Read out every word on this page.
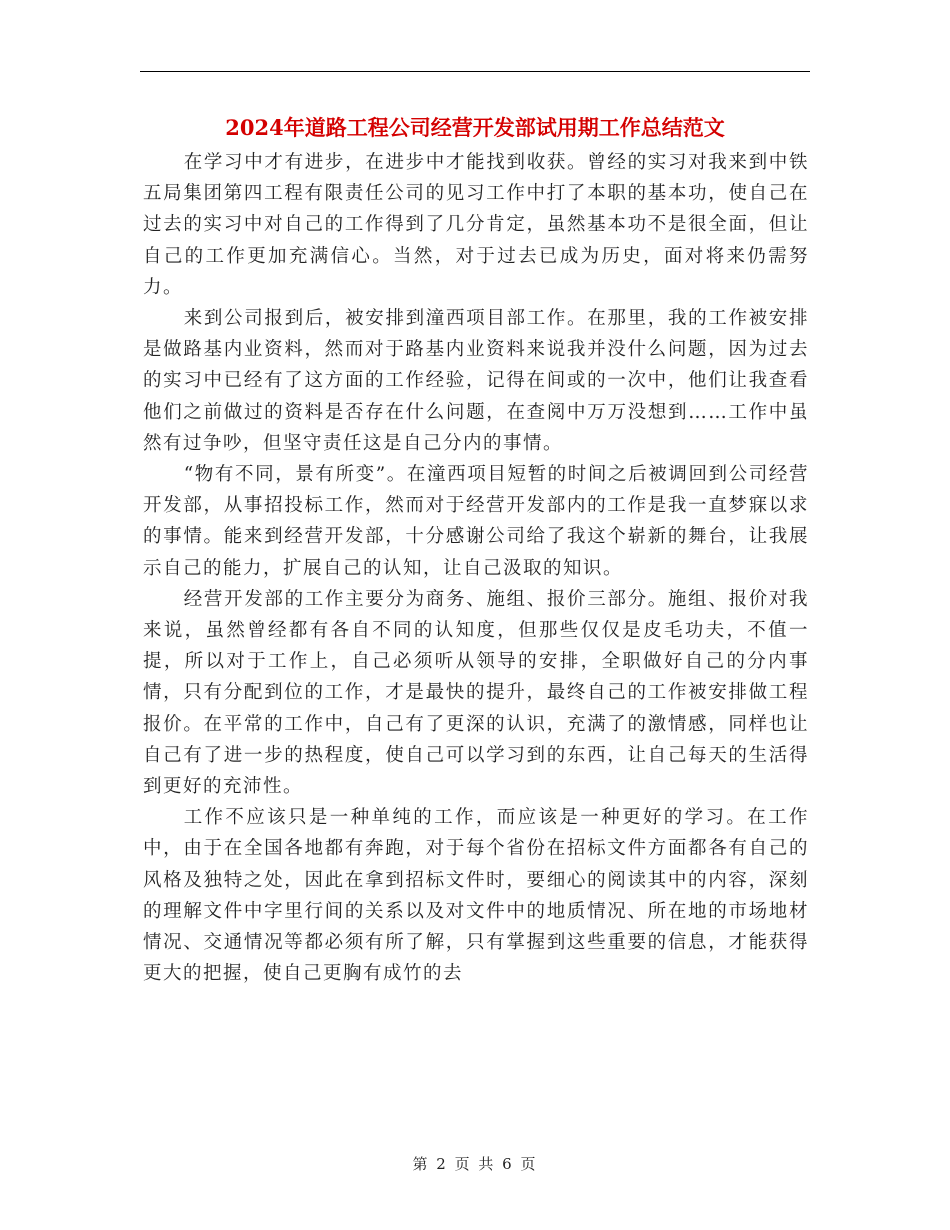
2024年道路工程公司经营开发部试用期工作总结范文

在学习中才有进步，在进步中才能找到收获。曾经的实习对我来到中铁五局集团第四工程有限责任公司的见习工作中打了本职的基本功，使自己在过去的实习中对自己的工作得到了几分肯定，虽然基本功不是很全面，但让自己的工作更加充满信心。当然，对于过去已成为历史，面对将来仍需努力。

来到公司报到后，被安排到潼西项目部工作。在那里，我的工作被安排是做路基内业资料，然而对于路基内业资料来说我并没什么问题，因为过去的实习中已经有了这方面的工作经验，记得在间或的一次中，他们让我查看他们之前做过的资料是否存在什么问题，在查阅中万万没想到……工作中虽然有过争吵，但坚守责任这是自己分内的事情。

“物有不同，景有所变”。在潼西项目短暂的时间之后被调回到公司经营开发部，从事招投标工作，然而对于经营开发部内的工作是我一直梦寐以求的事情。能来到经营开发部，十分感谢公司给了我这个崭新的舞台，让我展示自己的能力，扩展自己的认知，让自己汲取的知识。

经营开发部的工作主要分为商务、施组、报价三部分。施组、报价对我来说，虽然曾经都有各自不同的认知度，但那些仅仅是皮毛功夫，不值一提，所以对于工作上，自己必须听从领导的安排，全职做好自己的分内事情，只有分配到位的工作，才是最快的提升，最终自己的工作被安排做工程报价。在平常的工作中，自己有了更深的认识，充满了的激情感，同样也让自己有了进一步的热程度，使自己可以学习到的东西，让自己每天的生活得到更好的充沛性。

工作不应该只是一种单纯的工作，而应该是一种更好的学习。在工作中，由于在全国各地都有奔跑，对于每个省份在招标文件方面都各有自己的风格及独特之处，因此在拿到招标文件时，要细心的阅读其中的内容，深刻的理解文件中字里行间的关系以及对文件中的地质情况、所在地的市场地材情况、交通情况等都必须有所了解，只有掌握到这些重要的信息，才能获得更大的把握，使自己更胸有成竹的去

第 2 页 共 6 页
